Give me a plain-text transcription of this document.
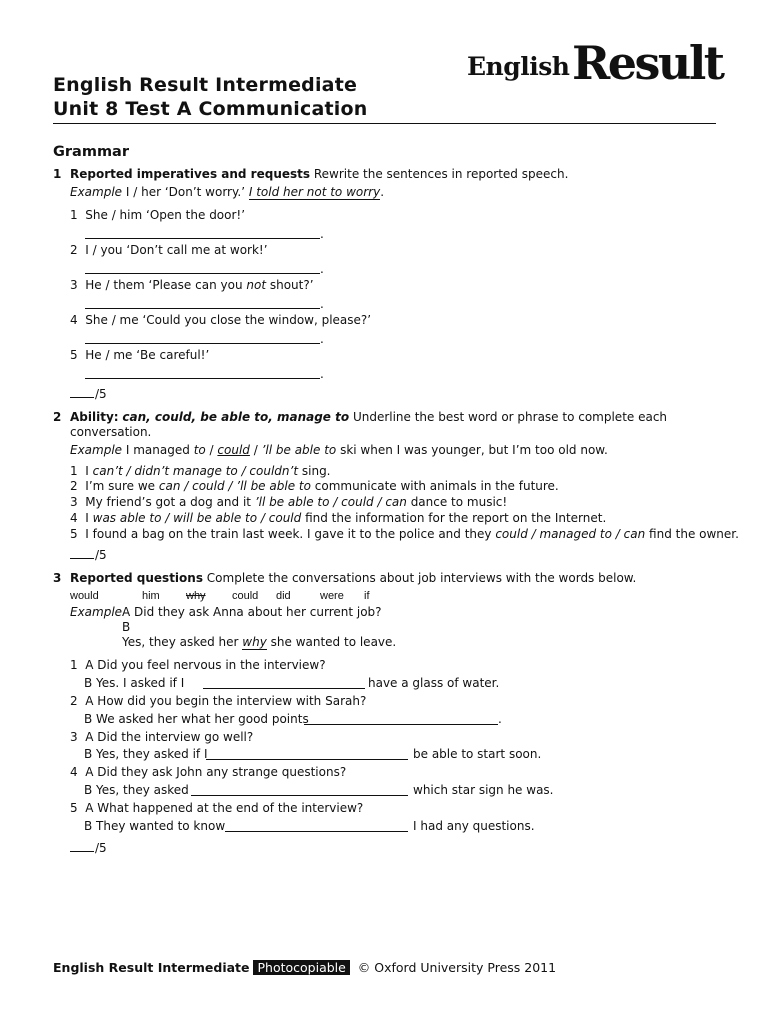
English Result Intermediate
Unit 8 Test A Communication
English Result
Grammar
1 Reported imperatives and requests Rewrite the sentences in reported speech.
Example I / her ‘Don’t worry.’ I told her not to worry.
1 She / him ‘Open the door!’
.
2 I / you ‘Don’t call me at work!’
.
3 He / them ‘Please can you not shout?’
.
4 She / me ‘Could you close the window, please?’
.
5 He / me ‘Be careful!’
.
/5
2 Ability: can, could, be able to, manage to Underline the best word or phrase to complete each
conversation.
Example I managed to / could / ’ll be able to ski when I was younger, but I’m too old now.
1 I can’t / didn’t manage to / couldn’t sing.
2 I’m sure we can / could / ’ll be able to communicate with animals in the future.
3 My friend’s got a dog and it ’ll be able to / could / can dance to music!
4 I was able to / will be able to / could find the information for the report on the Internet.
5 I found a bag on the train last week. I gave it to the police and they could / managed to / can find the owner.
/5
3 Reported questions Complete the conversations about job interviews with the words below.
would	him why could did	were if
Example A Did they ask Anna about her current job?
B
Yes, they asked her why she wanted to leave.
1 A Did you feel nervous in the interview?
B Yes. I asked if I	have a glass of water.
2 A How did you begin the interview with Sarah?
B We asked her what her good points	.
3 A Did the interview go well?
B Yes, they asked if I	be able to start soon.
4 A Did they ask John any strange questions?
B Yes, they asked	which star sign he was.
5 A What happened at the end of the interview?
B They wanted to know	I had any questions.
/5
English Result Intermediate Photocopiable © Oxford University Press 2011
